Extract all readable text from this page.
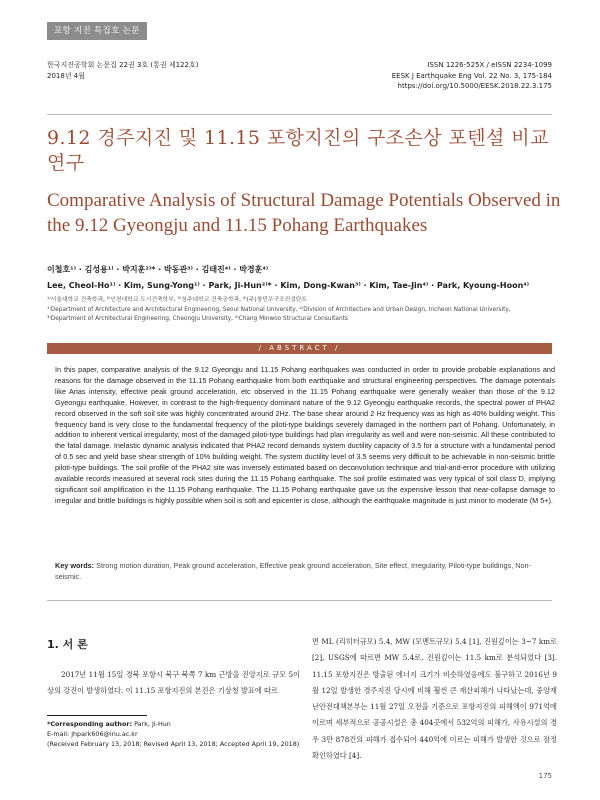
포항 지진 특집호 논문
한국지진공학회 논문집 22권 3호 (통권 제122호)
2018년 4월
ISSN 1226-525X / eISSN 2234-1099
EESK J Earthquake Eng Vol. 22 No. 3, 175-184
https://doi.org/10.5000/EESK.2018.22.3.175
9.12 경주지진 및 11.15 포항지진의 구조손상 포텐셜 비교연구
Comparative Analysis of Structural Damage Potentials Observed in the 9.12 Gyeongju and 11.15 Pohang Earthquakes
이철호¹⁾ · 김성용¹⁾ · 박지훈²⁾* · 박동관³⁾ · 김태진⁴⁾ · 박경훈⁴⁾
Lee, Cheol-Ho¹⁾ · Kim, Sung-Yong¹⁾ · Park, Ji-Hun²⁾* · Kim, Dong-Kwan³⁾ · Kim, Tae-Jin⁴⁾ · Park, Kyoung-Hoon⁴⁾
¹⁾서울대학교 건축학과, ²⁾인천대학교 도시건축학부, ³⁾청주대학교 건축공학과, ⁴⁾(주)창민우구조컨설탄트
¹⁾Department of Architecture and Architectural Engineering, Seoul National University, ²⁾Division of Architecture and Urban Design, Incheon National University,
³⁾Department of Architectural Engineering, Cheongju University, ⁴⁾Chang Minwoo Structural Consultants
/ ABSTRACT /
In this paper, comparative analysis of the 9.12 Gyeongju and 11.15 Pohang earthquakes was conducted in order to provide probable explanations and reasons for the damage observed in the 11.15 Pohang earthquake from both earthquake and structural engineering perspectives. The damage potentials like Arias intensity, effective peak ground acceleration, etc observed in the 11.15 Pohang earthquake were generally weaker than those of the 9.12 Gyeongju earthquake. However, in contrast to the high-frequency dominant nature of the 9.12 Gyeongju earthquake records, the spectral power of PHA2 record observed in the soft soil site was highly concentrated around 2Hz. The base shear around 2 Hz frequency was as high as 40% building weight. This frequency band is very close to the fundamental frequency of the piloti-type buildings severely damaged in the northern part of Pohang. Unfortunately, in addition to inherent vertical irregularity, most of the damaged piloti-type buildings had plan irregularity as well and were non-seismic. All these contributed to the fatal damage. Inelastic dynamic analysis indicated that PHA2 record demands system ductility capacity of 3.5 for a structure with a fundamental period of 0.5 sec and yield base shear strength of 10% building weight. The system ductility level of 3.5 seems very difficult to be achievable in non-seismic brittle piloti-type buildings. The soil profile of the PHA2 site was inversely estimated based on deconvolution technique and trial-and-error procedure with utilizing available records measured at several rock sites during the 11.15 Pohang earthquake. The soil profile estimated was very typical of soil class D, implying significant soil amplification in the 11.15 Pohang earthquake. The 11.15 Pohang earthquake gave us the expensive lesson that near-collapse damage to irregular and brittle buildings is highly possible when soil is soft and epicenter is close, although the earthquake magnitude is just minor to moderate (M 5+).
Key words: Strong motion duration, Peak ground acceleration, Effective peak ground acceleration, Site effect, Irregularity, Piloti-type buildings, Non-seismic.
1. 서 론
2017년 11월 15일 경북 포항시 북구 북쪽 7 km 근방을 진앙지로 규모 5이상의 강진이 발생하였다. 이 11.15 포항지진의 본진은 기상청 발표에 따르
*Corresponding author: Park, Ji-Hun
E-mail: jhpark606@inu.ac.kr
(Received February 13, 2018; Revised April 13, 2018; Accepted April 19, 2018)
면 ML (리히터규모) 5.4, MW (모멘트규모) 5.4 [1], 진원깊이는 3~7 km로 [2], USGS에 따르면 MW 5.4로, 진원깊이는 11.5 km로 분석되었다 [3]. 11.15 포항지진은 방출된 에너지 크기가 비슷하였음에도 불구하고 2016년 9월 12일 발생한 경주지진 당시에 비해 훨씬 큰 재산피해가 나타났는데, 중앙재난안전대책본부는 11월 27일 오전을 기준으로 포항지진의 피해액이 971억에 이르며 세부적으로 공공시설은 총 404곳에서 532억의 피해가, 사유시설의 경우 3만 878건의 피해가 접수되어 440억에 이르는 피해가 발생한 것으로 잠정 확인하였다 [4].
175
